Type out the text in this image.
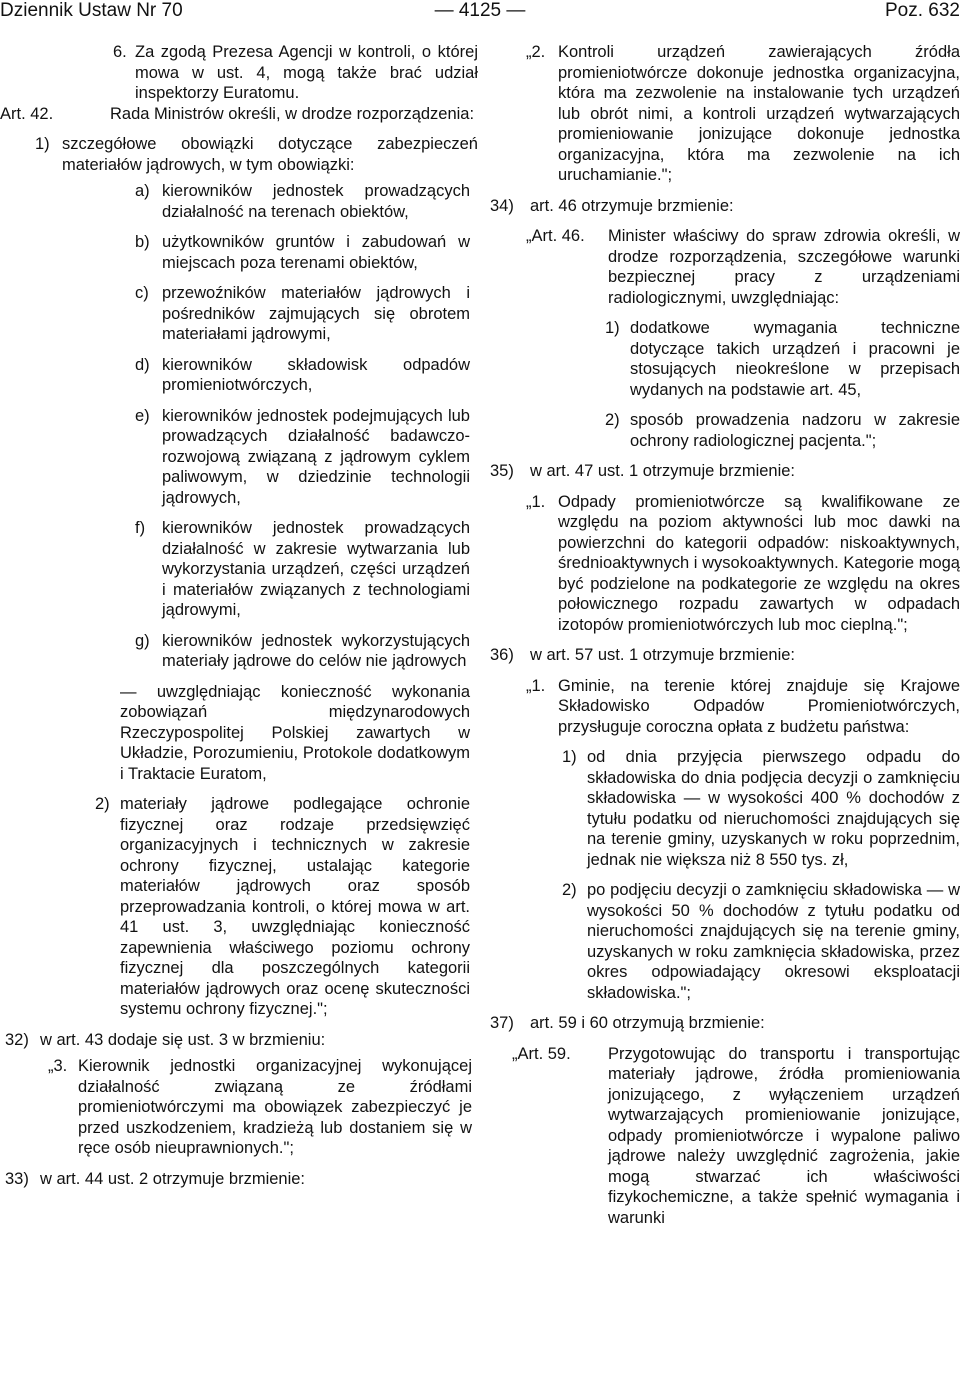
Dziennik Ustaw Nr 70	— 4125 —	Poz. 632
6. Za zgodą Prezesa Agencji w kontroli, o której mowa w ust. 4, mogą także brać udział inspektorzy Euratomu.
Art. 42.	Rada Ministrów określi, w drodze rozporządzenia:
1) szczegółowe obowiązki dotyczące zabezpieczeń materiałów jądrowych, w tym obowiązki:
a) kierowników jednostek prowadzących działalność na terenach obiektów,
b) użytkowników gruntów i zabudowań w miejscach poza terenami obiektów,
c) przewoźników materiałów jądrowych i pośredników zajmujących się obrotem materiałami jądrowymi,
d) kierowników składowisk odpadów promieniotwórczych,
e) kierowników jednostek podejmujących lub prowadzących działalność badawczo-rozwojową związaną z jądrowym cyklem paliwowym, w dziedzinie technologii jądrowych,
f) kierowników jednostek prowadzących działalność w zakresie wytwarzania lub wykorzystania urządzeń, części urządzeń i materiałów związanych z technologiami jądrowymi,
g) kierowników jednostek wykorzystujących materiały jądrowe do celów nie jądrowych
— uwzględniając konieczność wykonania zobowiązań międzynarodowych Rzeczypospolitej Polskiej zawartych w Układzie, Porozumieniu, Protokole dodatkowym i Traktacie Euratom,
2) materiały jądrowe podlegające ochronie fizycznej oraz rodzaje przedsięwzięć organizacyjnych i technicznych w zakresie ochrony fizycznej, ustalając kategorie materiałów jądrowych oraz sposób przeprowadzania kontroli, o której mowa w art. 41 ust. 3, uwzględniając konieczność zapewnienia właściwego poziomu ochrony fizycznej dla poszczególnych kategorii materiałów jądrowych oraz ocenę skuteczności systemu ochrony fizycznej.";
32) w art. 43 dodaje się ust. 3 w brzmieniu:
„3. Kierownik jednostki organizacyjnej wykonującej działalność związaną ze źródłami promieniotwórczymi ma obowiązek zabezpieczyć je przed uszkodzeniem, kradzieżą lub dostaniem się w ręce osób nieuprawnionych.";
33) w art. 44 ust. 2 otrzymuje brzmienie:
„2. Kontroli urządzeń zawierających źródła promieniotwórcze dokonuje jednostka organizacyjna, która ma zezwolenie na instalowanie tych urządzeń lub obrót nimi, a kontroli urządzeń wytwarzających promieniowanie jonizujące dokonuje jednostka organizacyjna, która ma zezwolenie na ich uruchamianie.";
34) art. 46 otrzymuje brzmienie:
„Art. 46. Minister właściwy do spraw zdrowia określi, w drodze rozporządzenia, szczegółowe warunki bezpiecznej pracy z urządzeniami radiologicznymi, uwzględniając:
1) dodatkowe wymagania techniczne dotyczące takich urządzeń i pracowni je stosujących nieokreślone w przepisach wydanych na podstawie art. 45,
2) sposób prowadzenia nadzoru w zakresie ochrony radiologicznej pacjenta.";
35) w art. 47 ust. 1 otrzymuje brzmienie:
„1. Odpady promieniotwórcze są kwalifikowane ze względu na poziom aktywności lub moc dawki na powierzchni do kategorii odpadów: niskoaktywnych, średnioaktywnych i wysokoaktywnych. Kategorie mogą być podzielone na podkategorie ze względu na okres połowicznego rozpadu zawartych w odpadach izotopów promieniotwórczych lub moc cieplną.";
36) w art. 57 ust. 1 otrzymuje brzmienie:
„1. Gminie, na terenie której znajduje się Krajowe Składowisko Odpadów Promieniotwórczych, przysługuje coroczna opłata z budżetu państwa:
1) od dnia przyjęcia pierwszego odpadu do składowiska do dnia podjęcia decyzji o zamknięciu składowiska — w wysokości 400 % dochodów z tytułu podatku od nieruchomości znajdujących się na terenie gminy, uzyskanych w roku poprzednim, jednak nie większa niż 8 550 tys. zł,
2) po podjęciu decyzji o zamknięciu składowiska — w wysokości 50 % dochodów z tytułu podatku od nieruchomości znajdujących się na terenie gminy, uzyskanych w roku zamknięcia składowiska, przez okres odpowiadający okresowi eksploatacji składowiska.";
37) art. 59 i 60 otrzymują brzmienie:
„Art. 59. Przygotowując do transportu i transportując materiały jądrowe, źródła promieniowania jonizującego, z wyłączeniem urządzeń wytwarzających promieniowanie jonizujące, odpady promieniotwórcze i wypalone paliwo jądrowe należy uwzględnić zagrożenia, jakie mogą stwarzać ich właściwości fizykochemiczne, a także spełnić wymagania i warunki
